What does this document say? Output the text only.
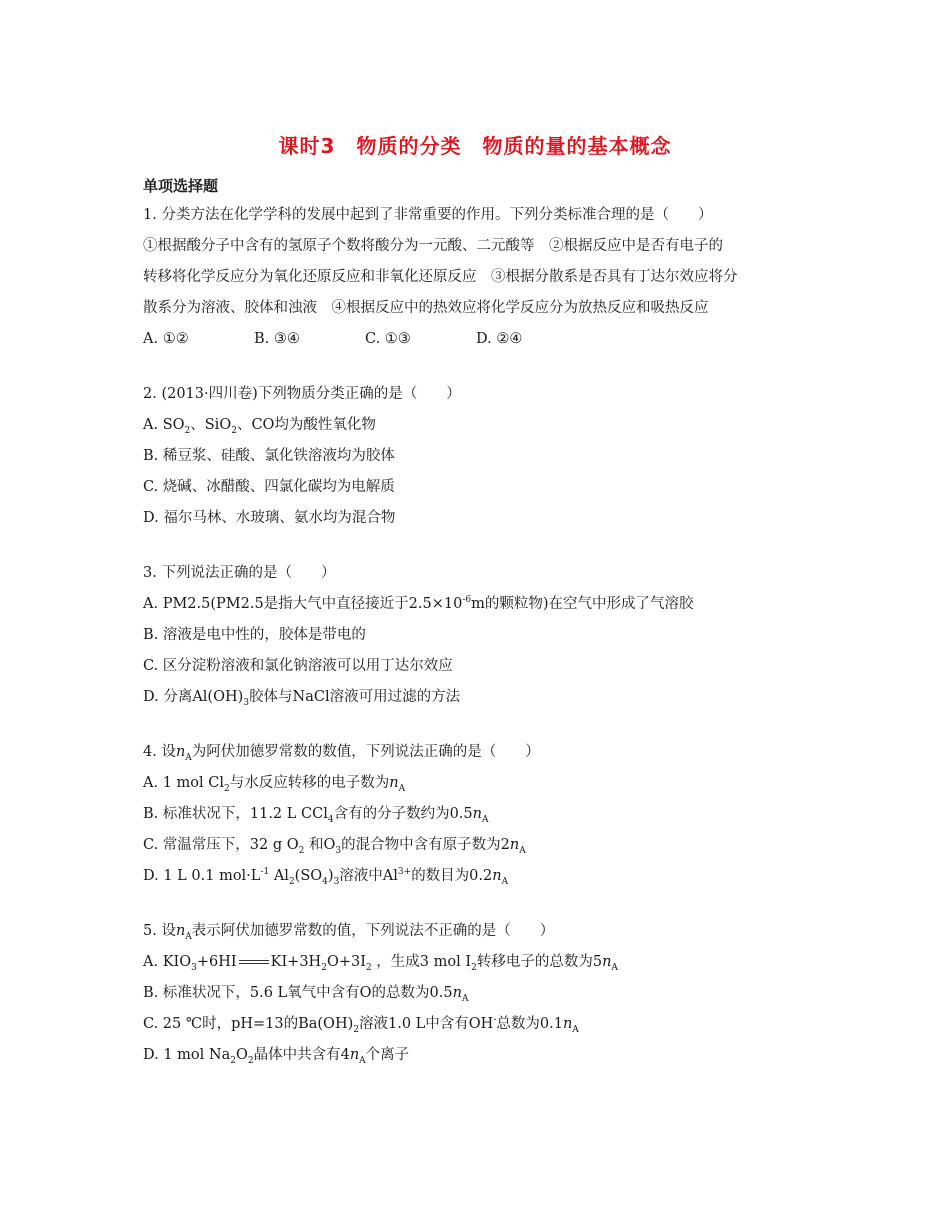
课时3　物质的分类　物质的量的基本概念
单项选择题
1. 分类方法在化学学科的发展中起到了非常重要的作用。下列分类标准合理的是（　　）
①根据酸分子中含有的氢原子个数将酸分为一元酸、二元酸等　②根据反应中是否有电子的
转移将化学反应分为氧化还原反应和非氧化还原反应　③根据分散系是否具有丁达尔效应将分
散系分为溶液、胶体和浊液　④根据反应中的热效应将化学反应分为放热反应和吸热反应
A. ①②	B. ③④	C. ①③	D. ②④
2. (2013·四川卷)下列物质分类正确的是（　　）
A. $SO_2$、SiO$_2$、CO均为酸性氧化物
B. 稀豆浆、硅酸、氯化铁溶液均为胶体
C. 烧碱、冰醋酸、四氯化碳均为电解质
D. 福尔马林、水玻璃、氨水均为混合物
3. 下列说法正确的是（　　）
A. PM2.5(PM2.5是指大气中直径接近于$2.5\times 10^{-6}m$的颗粒物)在空气中形成了气溶胶
B. 溶液是电中性的，胶体是带电的
C. 区分淀粉溶液和氯化钠溶液可以用丁达尔效应
D. 分离$Al(OH)_3$胶体与NaCl溶液可用过滤的方法
4. 设$n_A$为阿伏加德罗常数的数值，下列说法正确的是（　　）
A. 1 mol $Cl_2$与水反应转移的电子数为$n_A$
B. 标准状况下，11.2 L CCl$_4$含有的分子数约为$0.5n_A$
C. 常温常压下，32 g $O_2$ 和$O_3$的混合物中含有原子数为$2n_A$
D. 1 L 0.1 $mol\cdot L^{-1}$ $Al_2(SO_4)_3$溶液中$Al^{3+}$的数目为$0.2n_A$
5. 设$n_A$表示阿伏加德罗常数的值，下列说法不正确的是（　　）
A. $KIO_3+6HI$ $KI+3H_2O+3I_2$ ，生成3 mol $I_2$转移电子的总数为$5n_A$
B. 标准状况下，5.6 L氧气中含有O的总数为$0.5n_A$
C. 25 ℃时，pH=13的$Ba(OH)_2$溶液1.0 L中含有OH-总数为$0.1n_A$
D. 1 mol $Na_2O_2$晶体中共含有$4n_A$个离子
